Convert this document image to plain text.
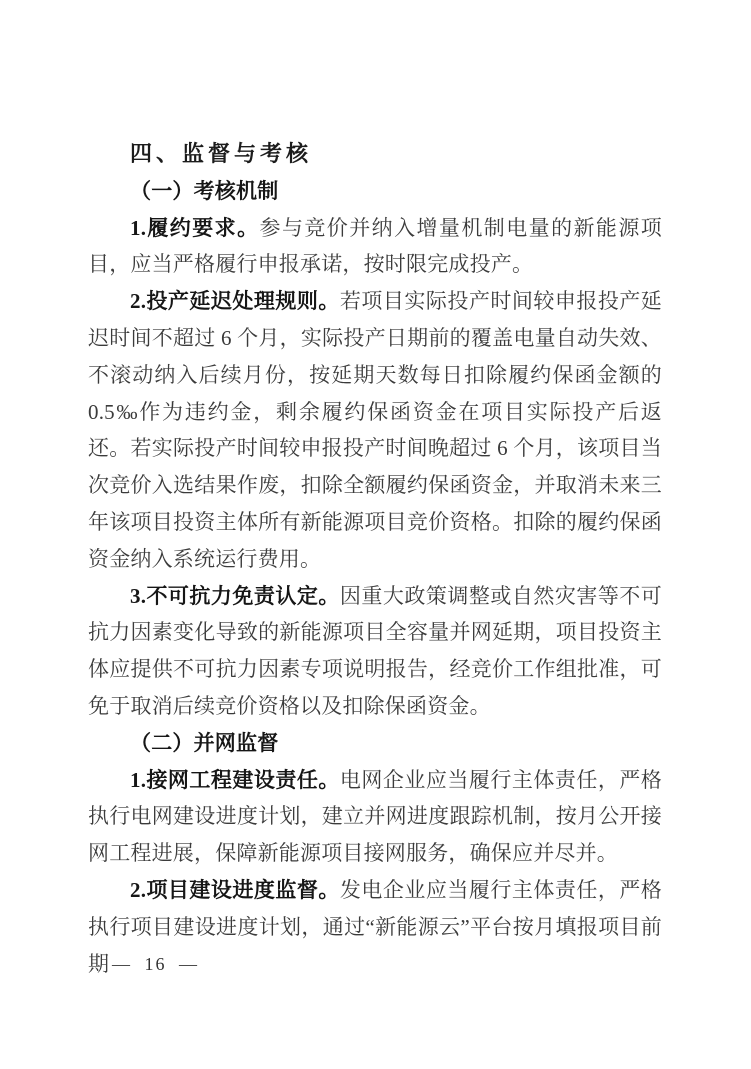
四、监督与考核

（一）考核机制

1.履约要求。参与竞价并纳入增量机制电量的新能源项目，应当严格履行申报承诺，按时限完成投产。

2.投产延迟处理规则。若项目实际投产时间较申报投产延迟时间不超过 6 个月，实际投产日期前的覆盖电量自动失效、不滚动纳入后续月份，按延期天数每日扣除履约保函金额的 0.5‰作为违约金，剩余履约保函资金在项目实际投产后返还。若实际投产时间较申报投产时间晚超过 6 个月，该项目当次竞价入选结果作废，扣除全额履约保函资金，并取消未来三年该项目投资主体所有新能源项目竞价资格。扣除的履约保函资金纳入系统运行费用。

3.不可抗力免责认定。因重大政策调整或自然灾害等不可抗力因素变化导致的新能源项目全容量并网延期，项目投资主体应提供不可抗力因素专项说明报告，经竞价工作组批准，可免于取消后续竞价资格以及扣除保函资金。

（二）并网监督

1.接网工程建设责任。电网企业应当履行主体责任，严格执行电网建设进度计划，建立并网进度跟踪机制，按月公开接网工程进展，保障新能源项目接网服务，确保应并尽并。

2.项目建设进度监督。发电企业应当履行主体责任，严格执行项目建设进度计划，通过“新能源云”平台按月填报项目前期 — 16 —
